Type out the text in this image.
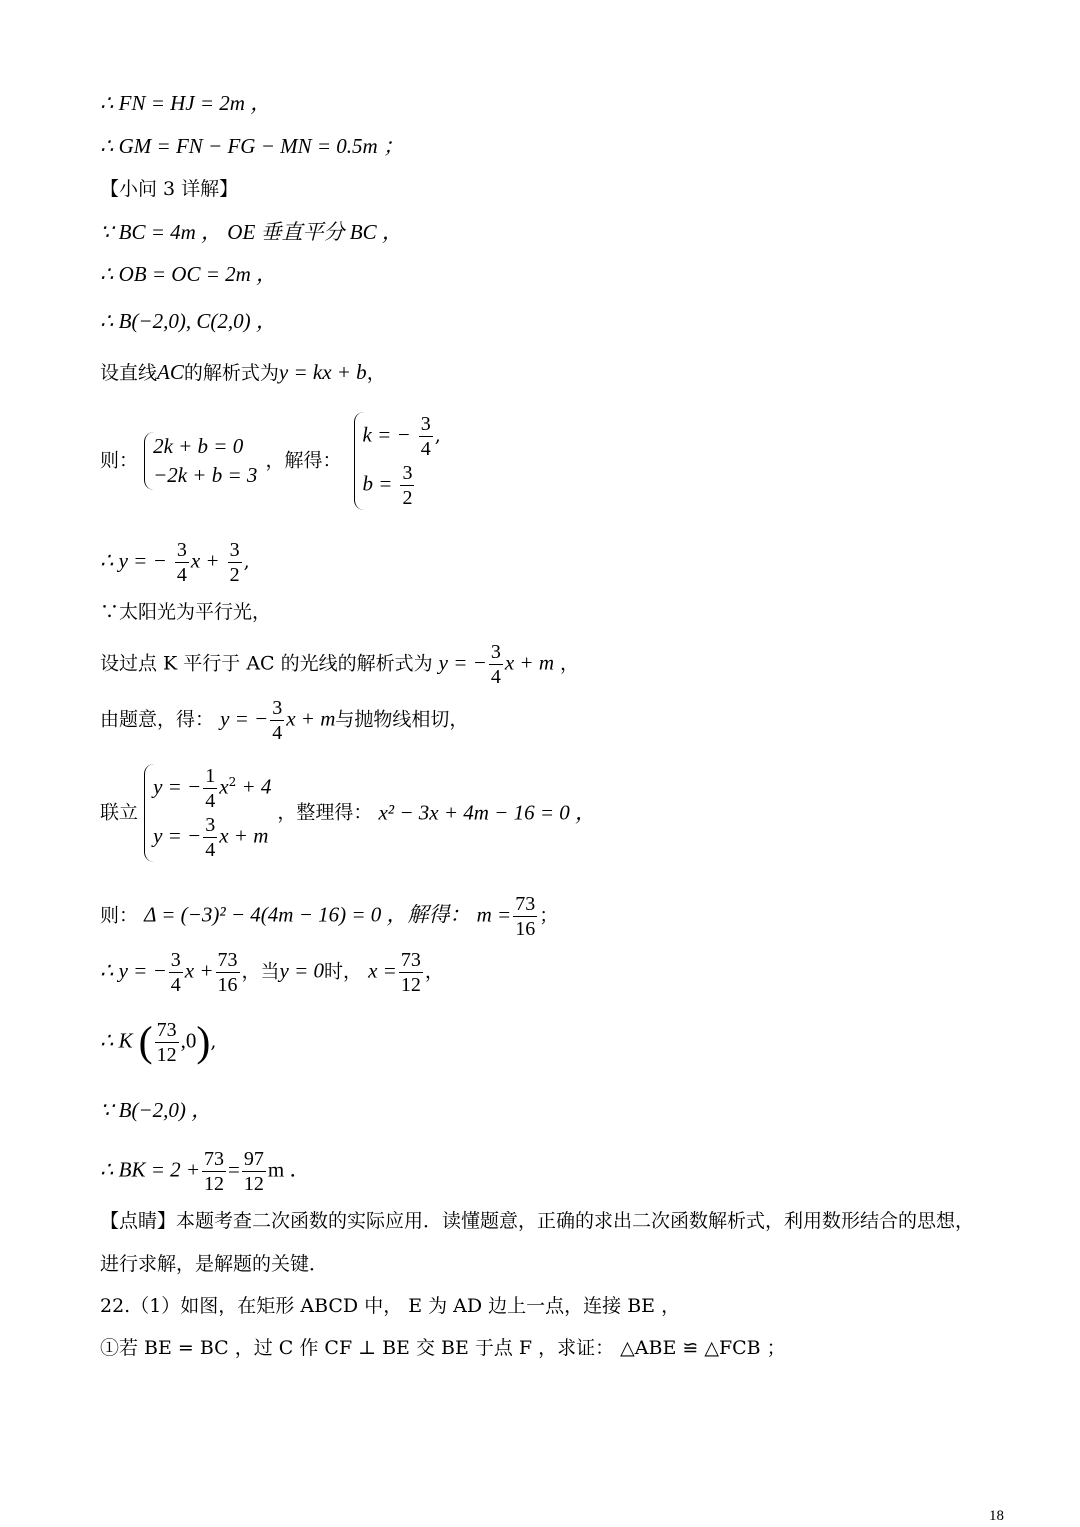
∴ FN = HJ = 2m ，
∴ GM = FN − FG − MN = 0.5m ；
【小问 3 详解】
∵ BC = 4m ， OE 垂直平分 BC ，
∴ OB = OC = 2m ，
∴ B(−2,0), C(2,0) ，
设直线AC的解析式为y = kx + b，
则：
2k + b = 0
−2k + b = 3
，解得：
k = − $\frac{3}{4}$ ,
$b = \frac{3}{2}$
∴ y = − $\frac{3}{4}$ $x + \frac{3}{2}$ ,
∵太阳光为平行光，
设过点 K 平行于 AC 的光线的解析式为 y = − $\frac{3}{4}$ x + m ，
由题意，得： y = − $\frac{3}{4}$ x + m与抛物线相切，
联立
y = − $\frac{1}{4} x^2 + 4$
y = − $\frac{3}{4}$ x + m
，整理得： x² − 3x + 4m − 16 = 0 ，
则： Δ = (−3)² − 4(4m − 16) = 0 ，解得： $m = \frac{73}{16}$ ；
∴ y = − $\frac{3}{4}$ $x + \frac{73}{16}$ ，当y = 0时， $x = \frac{73}{12}$ ，
∴ K ( $\frac{73}{12} ,0$),
∵ B(−2,0) ，
∴ BK = $2 + \frac{73}{12} = \frac{97}{12}$ m ．
【点睛】本题考查二次函数的实际应用．读懂题意，正确的求出二次函数解析式，利用数形结合的思想，
进行求解，是解题的关键．
22.（1）如图，在矩形 ABCD 中， E 为 AD 边上一点，连接 BE ，
①若 BE = BC ，过 C 作 CF ⊥ BE 交 BE 于点 F ，求证： △ABE ≌ △FCB ；
18
